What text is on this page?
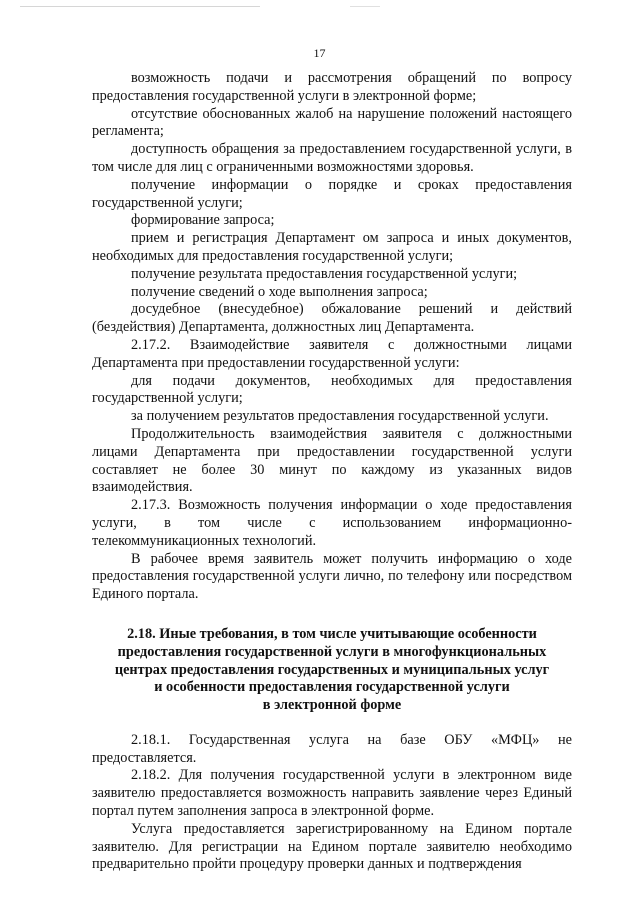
17

возможность подачи и рассмотрения обращений по вопросу предоставления государственной услуги в электронной форме;

отсутствие обоснованных жалоб на нарушение положений настоящего регламента;

доступность обращения за предоставлением государственной услуги, в том числе для лиц с ограниченными возможностями здоровья.

получение информации о порядке и сроках предоставления государственной услуги;

формирование запроса;

прием и регистрация Департамент ом запроса и иных документов, необходимых для предоставления государственной услуги;

получение результата предоставления государственной услуги;

получение сведений о ходе выполнения запроса;

досудебное (внесудебное) обжалование решений и действий (бездействия) Департамента, должностных лиц Департамента.

2.17.2. Взаимодействие заявителя с должностными лицами Департамента при предоставлении государственной услуги:

для подачи документов, необходимых для предоставления государственной услуги;

за получением результатов предоставления государственной услуги.

Продолжительность взаимодействия заявителя с должностными лицами Департамента при предоставлении государственной услуги составляет не более 30 минут по каждому из указанных видов взаимодействия.

2.17.3. Возможность получения информации о ходе предоставления услуги, в том числе с использованием информационно-телекоммуникационных технологий.

В рабочее время заявитель может получить информацию о ходе предоставления государственной услуги лично, по телефону или посредством Единого портала.

2.18. Иные требования, в том числе учитывающие особенности
предоставления государственной услуги в многофункциональных
центрах предоставления государственных и муниципальных услуг
и особенности предоставления государственной услуги
в электронной форме

2.18.1. Государственная услуга на базе ОБУ «МФЦ» не предоставляется.

2.18.2. Для получения государственной услуги в электронном виде заявителю предоставляется возможность направить заявление через Единый портал путем заполнения запроса в электронной форме.

Услуга предоставляется зарегистрированному на Едином портале заявителю. Для регистрации на Едином портале заявителю необходимо предварительно пройти процедуру проверки данных и подтверждения
